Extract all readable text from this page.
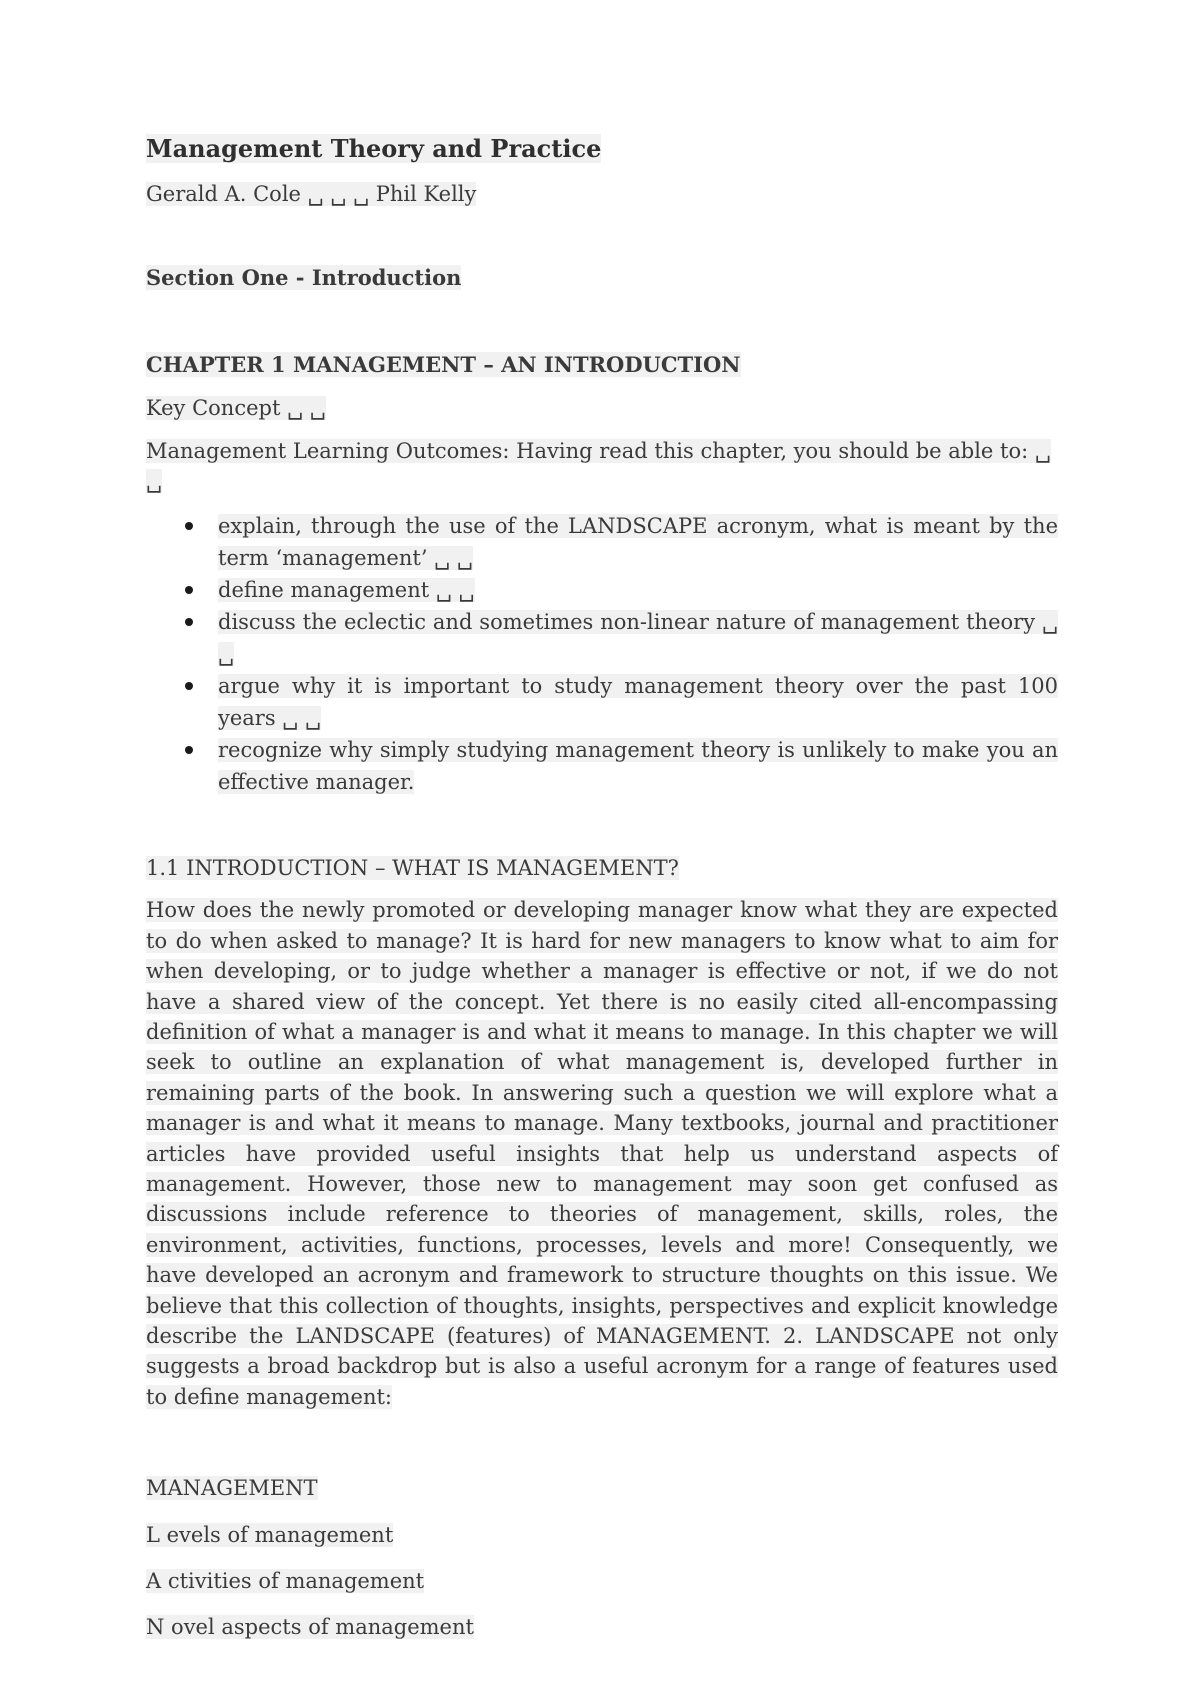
Management Theory and Practice
Gerald A. Cole ␣ ␣ ␣ Phil Kelly
Section One - Introduction
CHAPTER 1 MANAGEMENT – AN INTRODUCTION
Key Concept ␣ ␣
Management Learning Outcomes: Having read this chapter, you should be able to: ␣ ␣
explain, through the use of the LANDSCAPE acronym, what is meant by the term ‘management’ ␣ ␣
define management ␣ ␣
discuss the eclectic and sometimes non-linear nature of management theory ␣ ␣
argue why it is important to study management theory over the past 100 years ␣ ␣
recognize why simply studying management theory is unlikely to make you an effective manager.
1.1 INTRODUCTION – WHAT IS MANAGEMENT?
How does the newly promoted or developing manager know what they are expected to do when asked to manage? It is hard for new managers to know what to aim for when developing, or to judge whether a manager is effective or not, if we do not have a shared view of the concept. Yet there is no easily cited all-encompassing definition of what a manager is and what it means to manage. In this chapter we will seek to outline an explanation of what management is, developed further in remaining parts of the book. In answering such a question we will explore what a manager is and what it means to manage. Many textbooks, journal and practitioner articles have provided useful insights that help us understand aspects of management. However, those new to management may soon get confused as discussions include reference to theories of management, skills, roles, the environment, activities, functions, processes, levels and more! Consequently, we have developed an acronym and framework to structure thoughts on this issue. We believe that this collection of thoughts, insights, perspectives and explicit knowledge describe the LANDSCAPE (features) of MANAGEMENT. 2. LANDSCAPE not only suggests a broad backdrop but is also a useful acronym for a range of features used to define management:
MANAGEMENT
L evels of management
A ctivities of management
N ovel aspects of management
